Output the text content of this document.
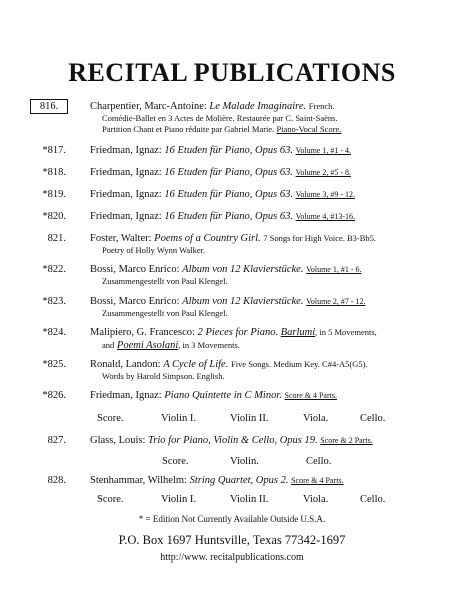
RECITAL PUBLICATIONS
816.	Charpentier, Marc-Antoine: Le Malade Imaginaire. French.
Comédie-Ballet en 3 Actes de Molière. Restaurée par C. Saint-Saëns.
Partition Chant et Piano réduite par Gabriel Marie. Piano-Vocal Score.
*817. Friedman, Ignaz: 16 Etuden für Piano, Opus 63. Volume 1, #1 - 4.
*818. Friedman, Ignaz: 16 Etuden für Piano, Opus 63. Volume 2, #5 - 8.
*819. Friedman, Ignaz: 16 Etuden für Piano, Opus 63. Volume 3, #9 - 12.
*820. Friedman, Ignaz: 16 Etuden für Piano, Opus 63. Volume 4, #13-16.
821. Foster, Walter: Poems of a Country Girl. 7 Songs for High Voice. B3-Bb5.
Poetry of Holly Wynn Walker.
*822. Bossi, Marco Enrico: Album von 12 Klavierstücke. Volume 1, #1 - 6.
Zusammengestellt von Paul Klengel.
*823. Bossi, Marco Enrico: Album von 12 Klavierstücke. Volume 2, #7 - 12.
Zusammengestellt von Paul Klengel.
*824. Malipiero, G. Francesco: 2 Pieces for Piano. Barlumi, in 5 Movements,
and Poemi Asolani, in 3 Movements.
*825. Ronald, Landon: A Cycle of Life. Five Songs. Medium Key. C#4-A5(G5).
Words by Harold Simpson. English.
*826. Friedman, Ignaz: Piano Quintette in C Minor. Score & 4 Parts.
Score.	Violin I.	Violin II.	Viola.	Cello.
827. Glass, Louis: Trio for Piano, Violin & Cello, Opus 19. Score & 2 Parts.
Score.	Violin.	Cello.
828. Stenhammar, Wilhelm: String Quartet, Opus 2. Score & 4 Parts.
Score.	Violin I.	Violin II.	Viola.	Cello.
* = Edition Not Currently Available Outside U.S.A.
P.O. Box 1697 Huntsville, Texas 77342-1697
http://www. recitalpublications.com
